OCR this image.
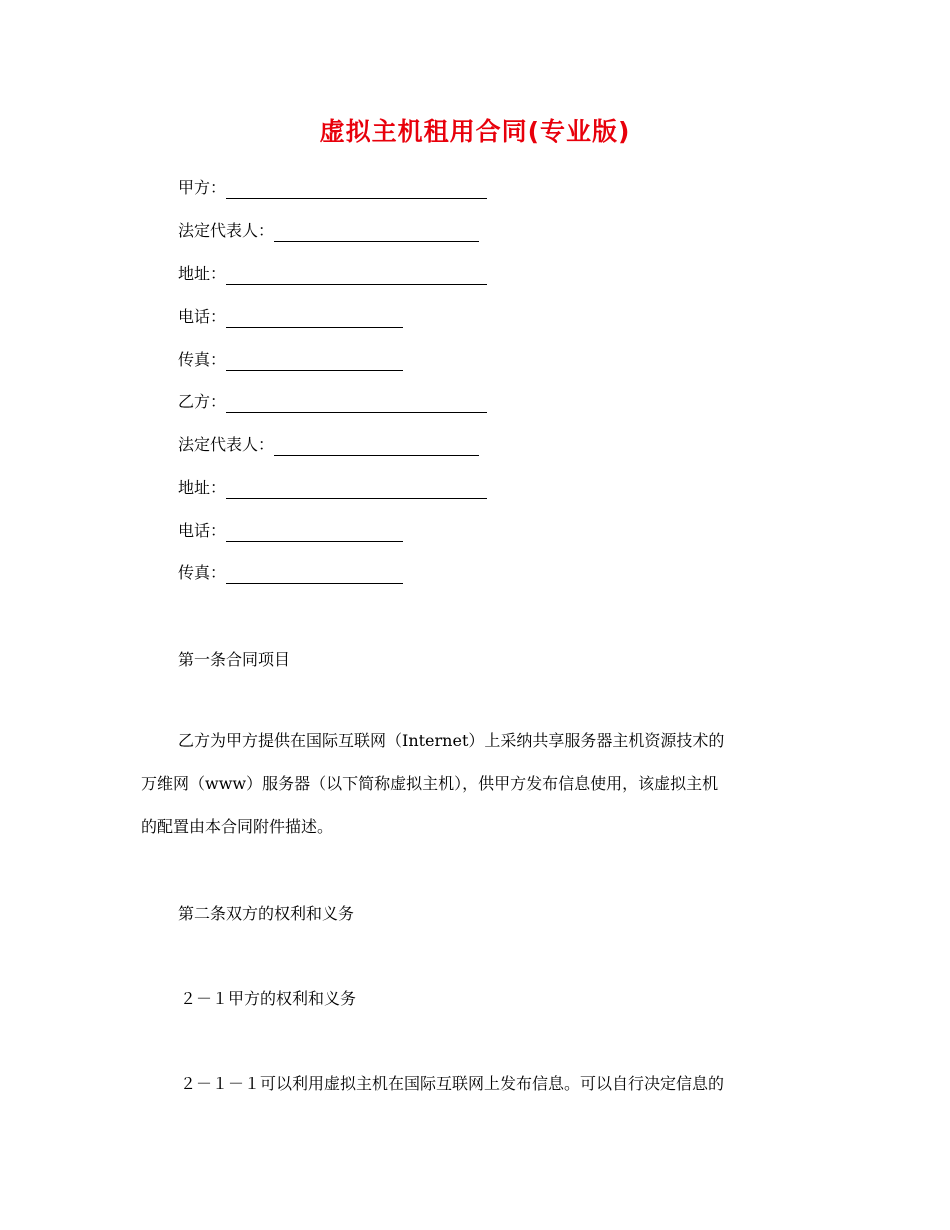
虚拟主机租用合同(专业版)
甲方：
法定代表人：
地址：
电话：
传真：
乙方：
法定代表人：
地址：
电话：
传真：
第一条合同项目
乙方为甲方提供在国际互联网（Internet）上采纳共享服务器主机资源技术的
万维网（www）服务器（以下简称虚拟主机），供甲方发布信息使用，该虚拟主机
的配置由本合同附件描述。
第二条双方的权利和义务
２－１甲方的权利和义务
２－１－１可以利用虚拟主机在国际互联网上发布信息。可以自行决定信息的
